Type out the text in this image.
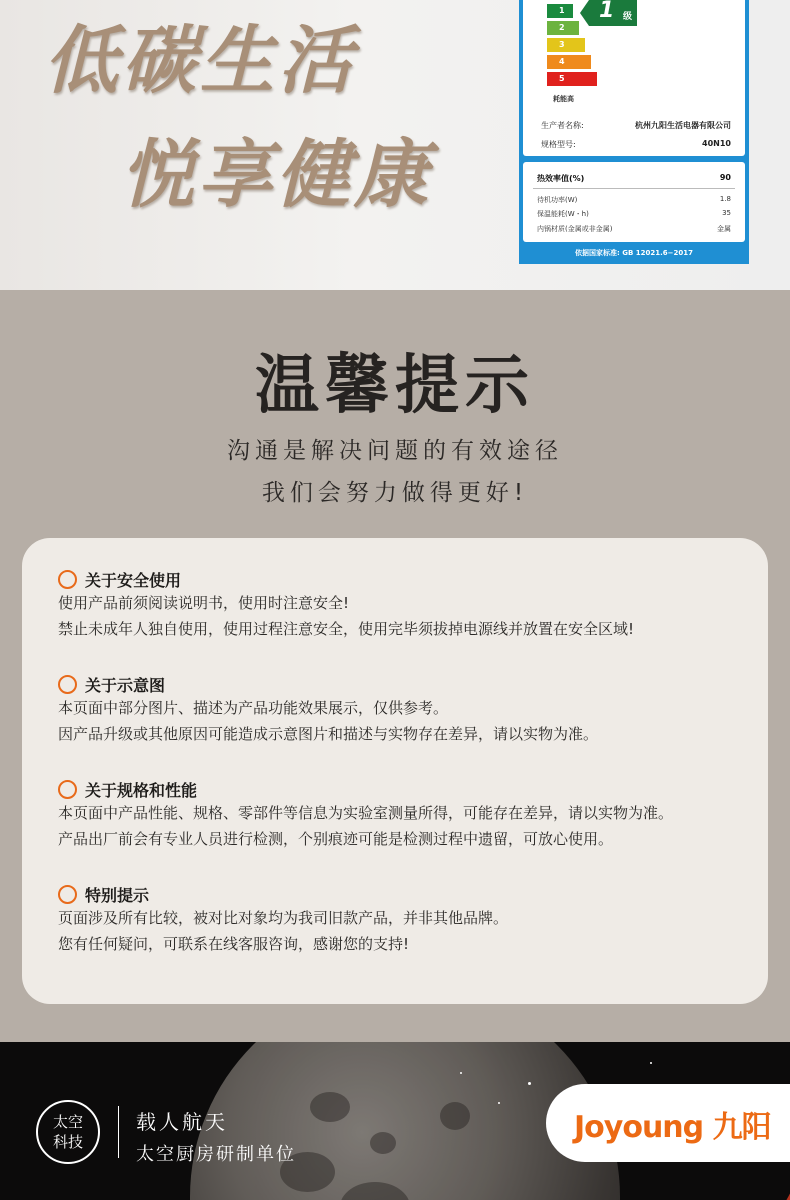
低碳生活
悦享健康
1
2
3
4
5
1 级
耗能高
生产者名称:	杭州九阳生活电器有限公司
规格型号:	40N10
热效率值(%)	90
待机功率(W)	1.8
保温能耗(W・h)	35
内锅材质(金属或非金属)	金属
依据国家标准: GB 12021.6−2017
温馨提示
沟通是解决问题的有效途径
我们会努力做得更好!
关于安全使用
使用产品前须阅读说明书，使用时注意安全!
禁止未成年人独自使用，使用过程注意安全，使用完毕须拔掉电源线并放置在安全区域!
关于示意图
本页面中部分图片、描述为产品功能效果展示，仅供参考。
因产品升级或其他原因可能造成示意图片和描述与实物存在差异，请以实物为准。
关于规格和性能
本页面中产品性能、规格、零部件等信息为实验室测量所得，可能存在差异，请以实物为准。
产品出厂前会有专业人员进行检测，个别痕迹可能是检测过程中遗留，可放心使用。
特别提示
页面涉及所有比较，被对比对象均为我司旧款产品，并非其他品牌。
您有任何疑问，可联系在线客服咨询，感谢您的支持!
太空
科技
载人航天
太空厨房研制单位
Joyoung 九阳
